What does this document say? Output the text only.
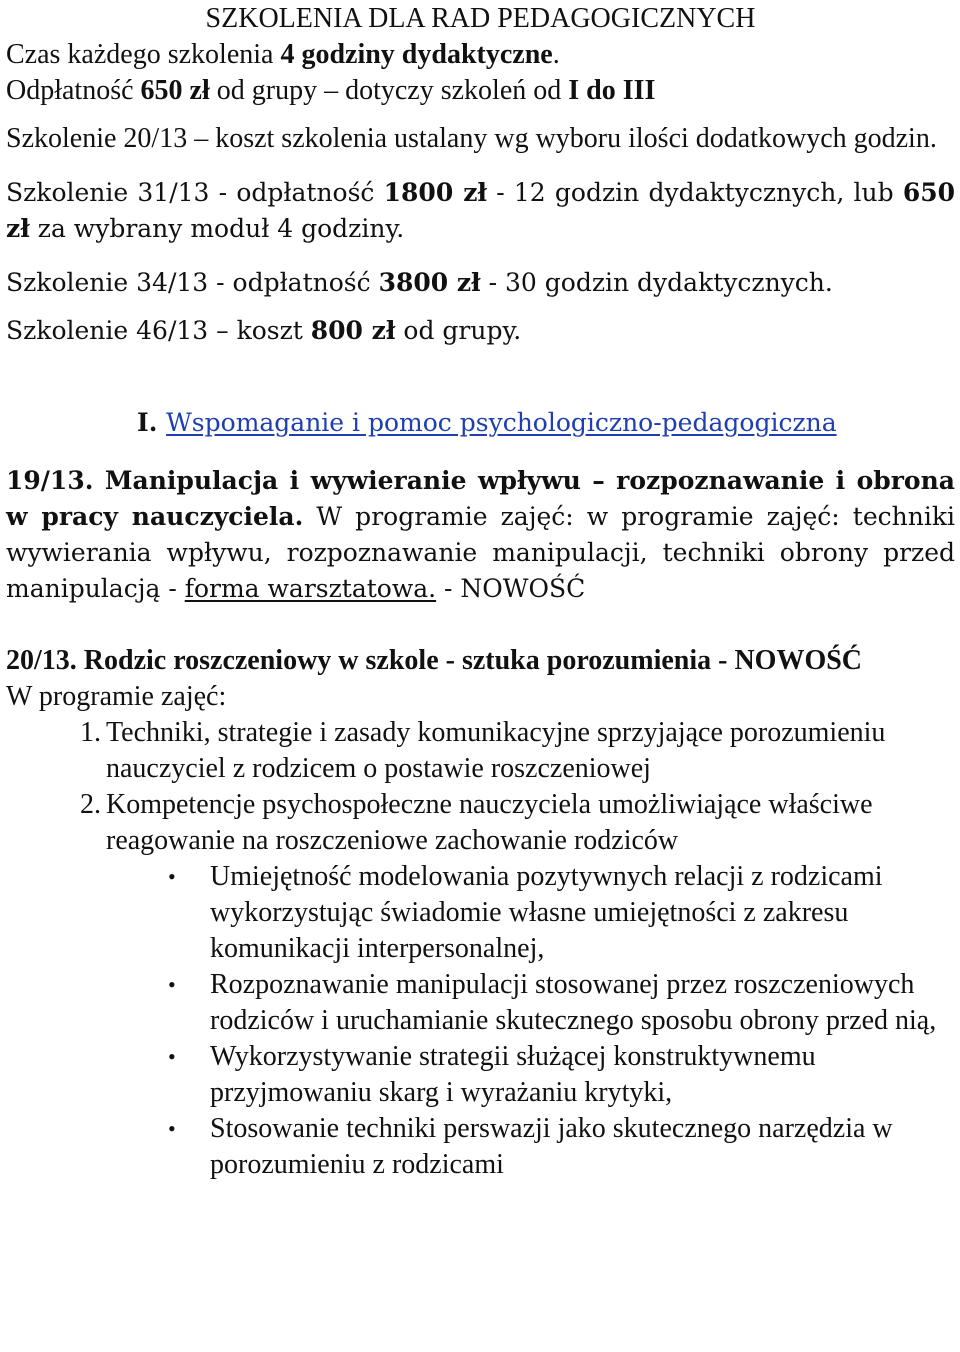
SZKOLENIA DLA RAD PEDAGOGICZNYCH

Czas każdego szkolenia 4 godziny dydaktyczne.

Odpłatność 650 zł od grupy – dotyczy szkoleń od I do III

Szkolenie 20/13 – koszt szkolenia ustalany wg wyboru ilości dodatkowych godzin.

Szkolenie 31/13 - odpłatność 1800 zł - 12 godzin dydaktycznych, lub 650 zł za wybrany moduł 4 godziny.

Szkolenie 34/13 - odpłatność 3800 zł - 30 godzin dydaktycznych.

Szkolenie 46/13 – koszt 800 zł od grupy.

I. Wspomaganie i pomoc psychologiczno-pedagogiczna

19/13. Manipulacja i wywieranie wpływu – rozpoznawanie i obrona w pracy nauczyciela. W programie zajęć: w programie zajęć: techniki wywierania wpływu, rozpoznawanie manipulacji, techniki obrony przed manipulacją - forma warsztatowa. - NOWOŚĆ

20/13. Rodzic roszczeniowy w szkole - sztuka porozumienia - NOWOŚĆ

W programie zajęć:

1. Techniki, strategie i zasady komunikacyjne sprzyjające porozumieniu nauczyciel z rodzicem o postawie roszczeniowej
2. Kompetencje psychospołeczne nauczyciela umożliwiające właściwe reagowanie na roszczeniowe zachowanie rodziców
•	Umiejętność modelowania pozytywnych relacji z rodzicami wykorzystując świadomie własne umiejętności z zakresu komunikacji interpersonalnej,
•	Rozpoznawanie manipulacji stosowanej przez roszczeniowych rodziców i uruchamianie skutecznego sposobu obrony przed nią,
•	Wykorzystywanie strategii służącej konstruktywnemu przyjmowaniu skarg i wyrażaniu krytyki,
•	Stosowanie techniki perswazji jako skutecznego narzędzia w porozumieniu z rodzicami
